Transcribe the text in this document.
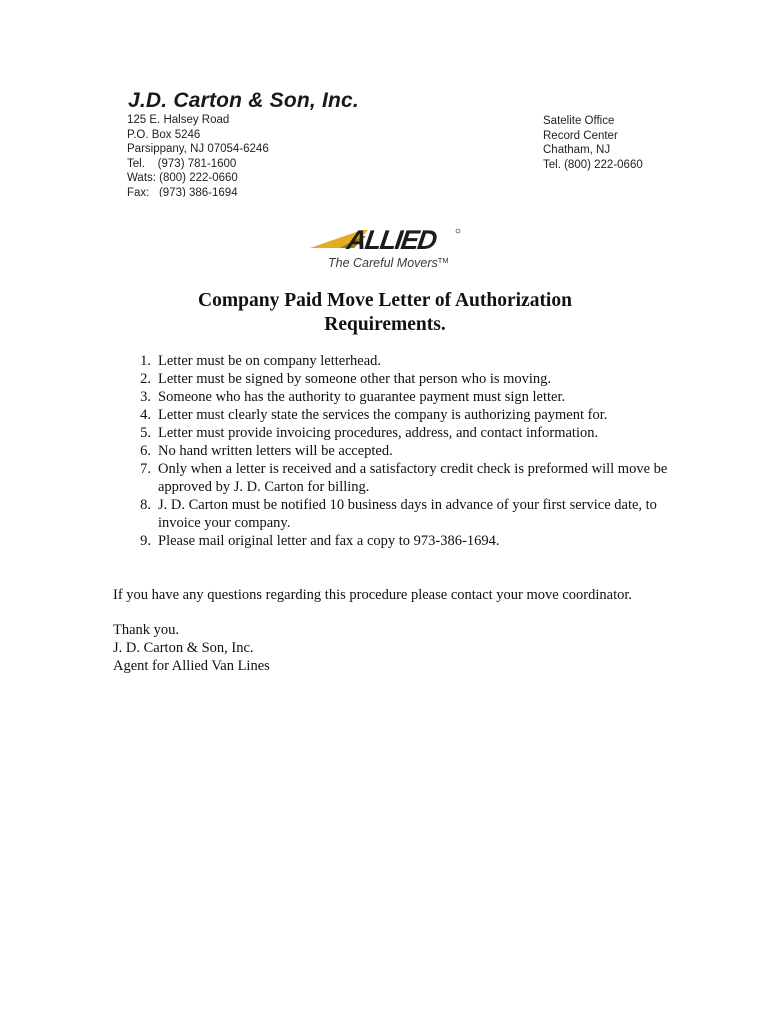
J.D. Carton & Son, Inc.
125 E. Halsey Road
P.O. Box 5246
Parsippany, NJ 07054-6246
Tel.    (973) 781-1600
Wats: (800) 222-0660
Fax:   (973) 386-1694
Satelite Office
Record Center
Chatham, NJ
Tel. (800) 222-0660
ALLIED
The Careful Movers™
Company Paid Move Letter of Authorization
Requirements.
1. Letter must be on company letterhead.
2. Letter must be signed by someone other that person who is moving.
3. Someone who has the authority to guarantee payment must sign letter.
4. Letter must clearly state the services the company is authorizing payment for.
5. Letter must provide invoicing procedures, address, and contact information.
6. No hand written letters will be accepted.
7. Only when a letter is received and a satisfactory credit check is preformed will move be approved by J. D. Carton for billing.
8. J. D. Carton must be notified 10 business days in advance of your first service date, to invoice your company.
9. Please mail original letter and fax a copy to 973-386-1694.
If you have any questions regarding this procedure please contact your move coordinator.
Thank you.
J. D. Carton & Son, Inc.
Agent for Allied Van Lines
